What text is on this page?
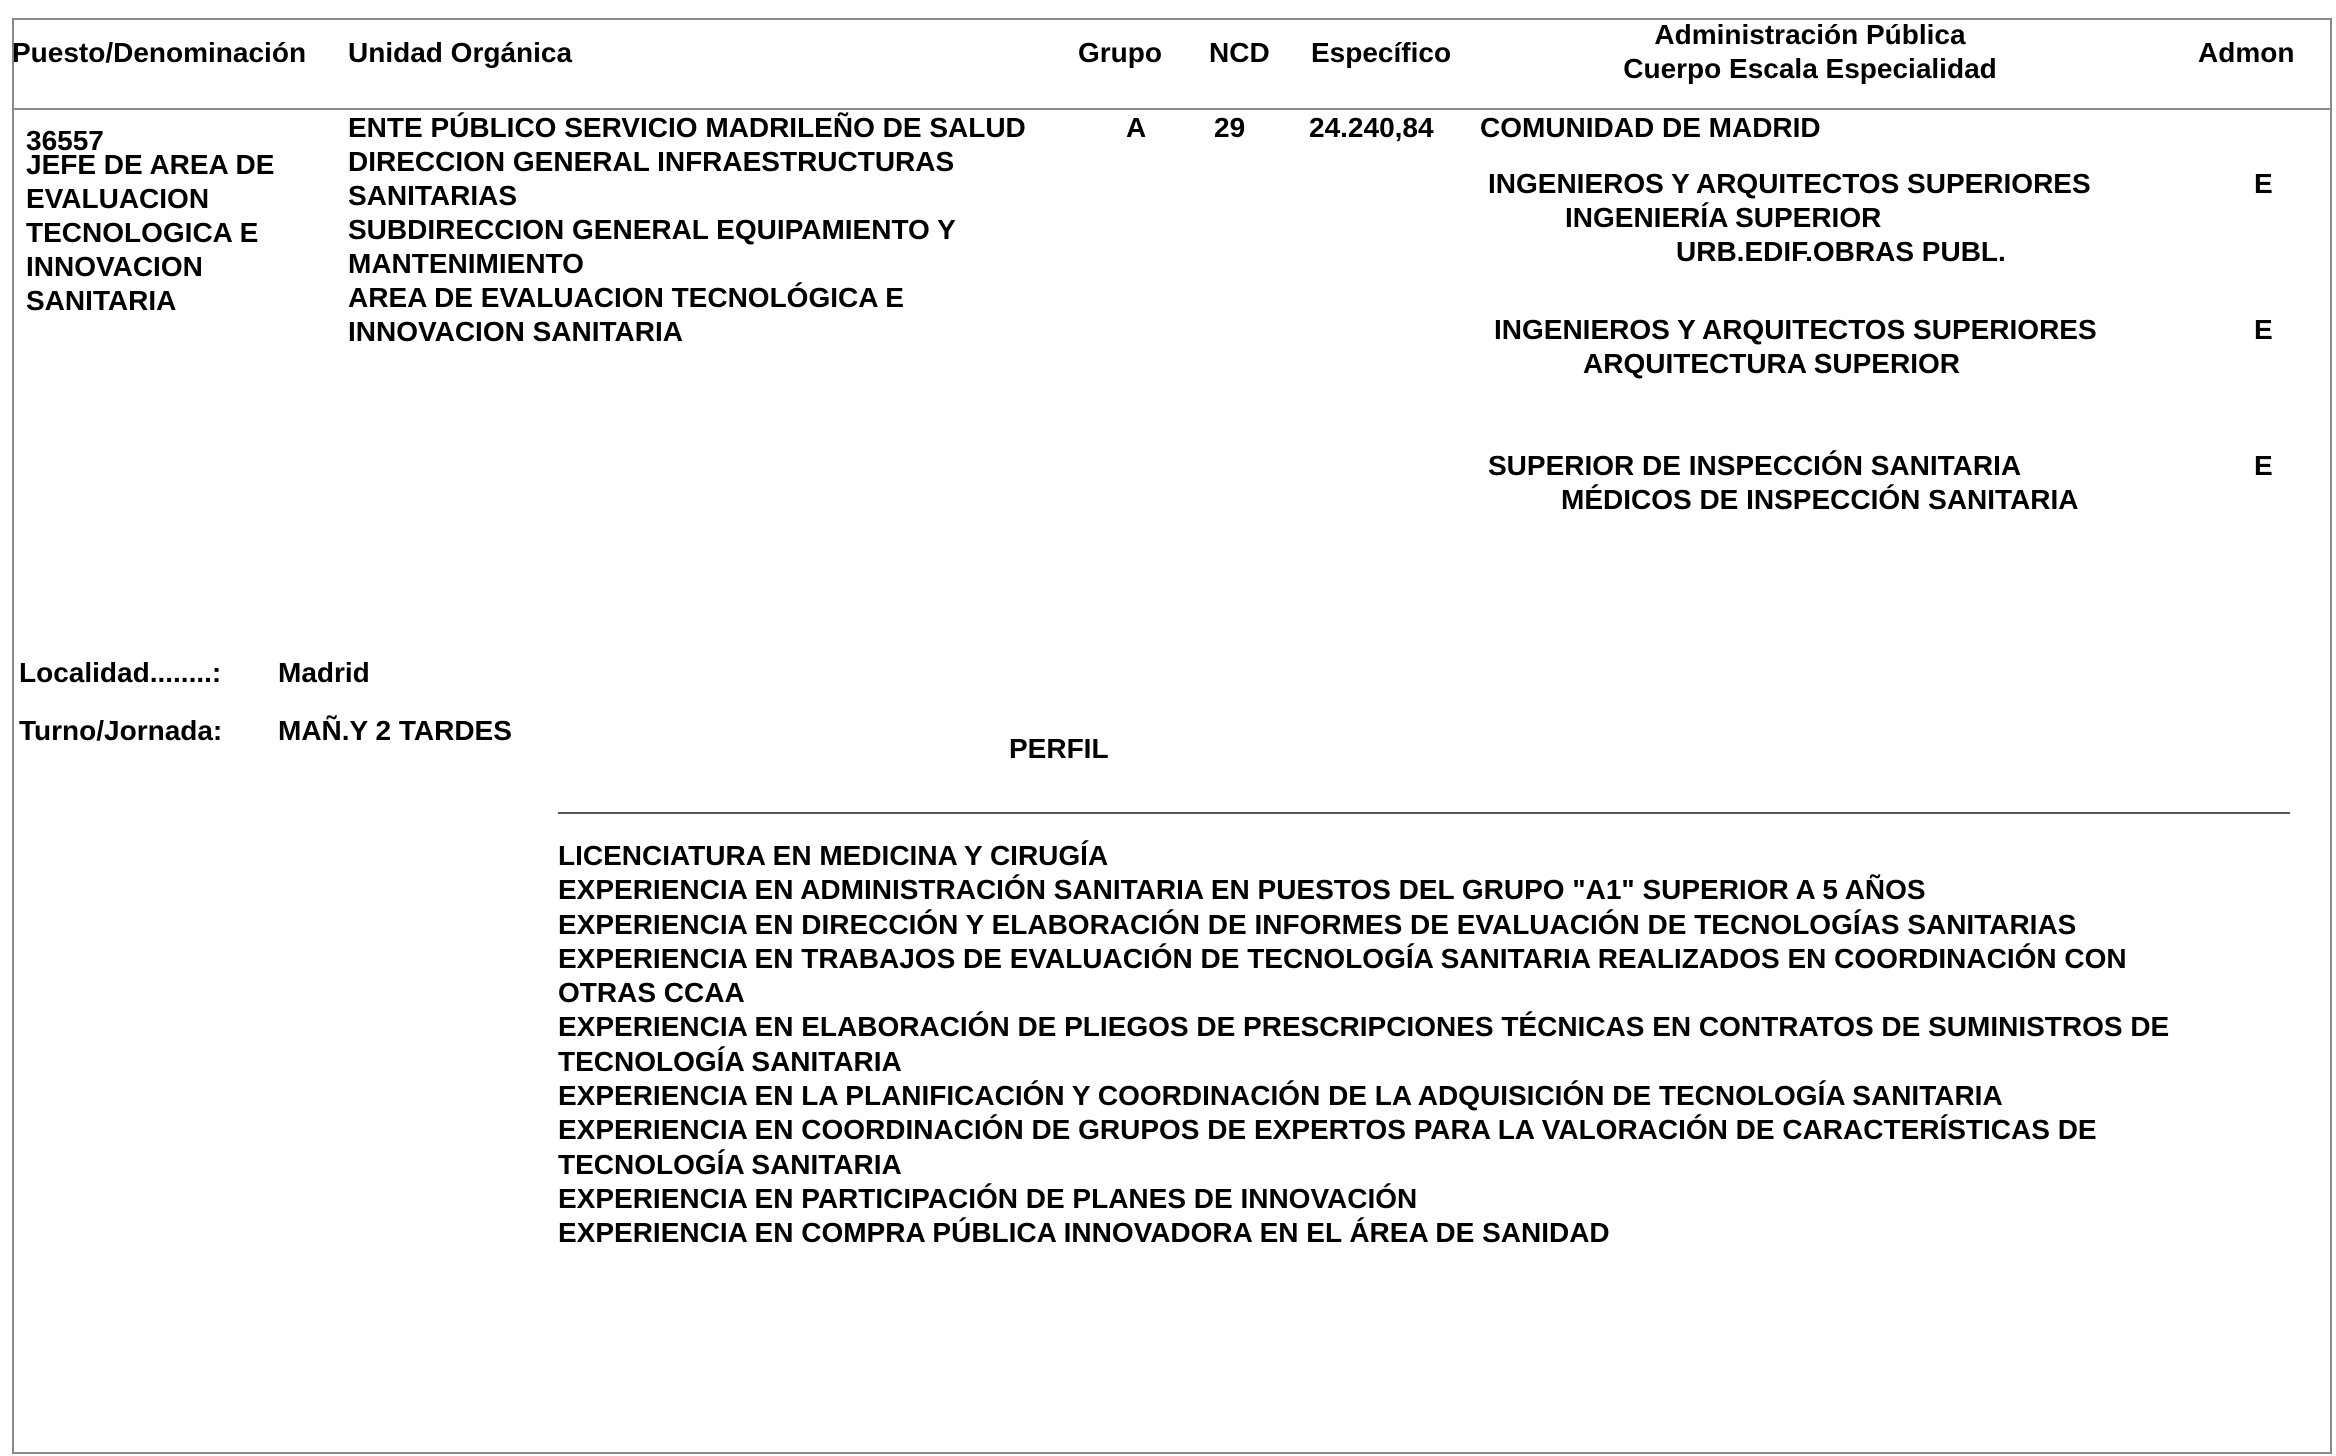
Puesto/Denominación Unidad Orgánica	Grupo NCD Específico
Administración Pública
Cuerpo Escala Especialidad
Admon
36557
JEFE DE AREA DE
EVALUACION
TECNOLOGICA E
INNOVACION
SANITARIA
ENTE PÚBLICO SERVICIO MADRILEÑO DE SALUD
DIRECCION GENERAL INFRAESTRUCTURAS
SANITARIAS
SUBDIRECCION GENERAL EQUIPAMIENTO Y
MANTENIMIENTO
AREA DE EVALUACION TECNOLÓGICA E
INNOVACION SANITARIA
A 29 24.240,84 COMUNIDAD DE MADRID
INGENIEROS Y ARQUITECTOS SUPERIORES
INGENIERÍA SUPERIOR
URB.EDIF.OBRAS PUBL.
E
INGENIEROS Y ARQUITECTOS SUPERIORES
ARQUITECTURA SUPERIOR
E
SUPERIOR DE INSPECCIÓN SANITARIA
MÉDICOS DE INSPECCIÓN SANITARIA
E
Localidad........: Madrid
Turno/Jornada: MAÑ.Y 2 TARDES
PERFIL
LICENCIATURA EN MEDICINA Y CIRUGÍA
EXPERIENCIA EN ADMINISTRACIÓN SANITARIA EN PUESTOS DEL GRUPO "A1" SUPERIOR A 5 AÑOS
EXPERIENCIA EN DIRECCIÓN Y ELABORACIÓN DE INFORMES DE EVALUACIÓN DE TECNOLOGÍAS SANITARIAS
EXPERIENCIA EN TRABAJOS DE EVALUACIÓN DE TECNOLOGÍA SANITARIA REALIZADOS EN COORDINACIÓN CON
OTRAS CCAA
EXPERIENCIA EN ELABORACIÓN DE PLIEGOS DE PRESCRIPCIONES TÉCNICAS EN CONTRATOS DE SUMINISTROS DE
TECNOLOGÍA SANITARIA
EXPERIENCIA EN LA PLANIFICACIÓN Y COORDINACIÓN DE LA ADQUISICIÓN DE TECNOLOGÍA SANITARIA
EXPERIENCIA EN COORDINACIÓN DE GRUPOS DE EXPERTOS PARA LA VALORACIÓN DE CARACTERÍSTICAS DE
TECNOLOGÍA SANITARIA
EXPERIENCIA EN PARTICIPACIÓN DE PLANES DE INNOVACIÓN
EXPERIENCIA EN COMPRA PÚBLICA INNOVADORA EN EL ÁREA DE SANIDAD
